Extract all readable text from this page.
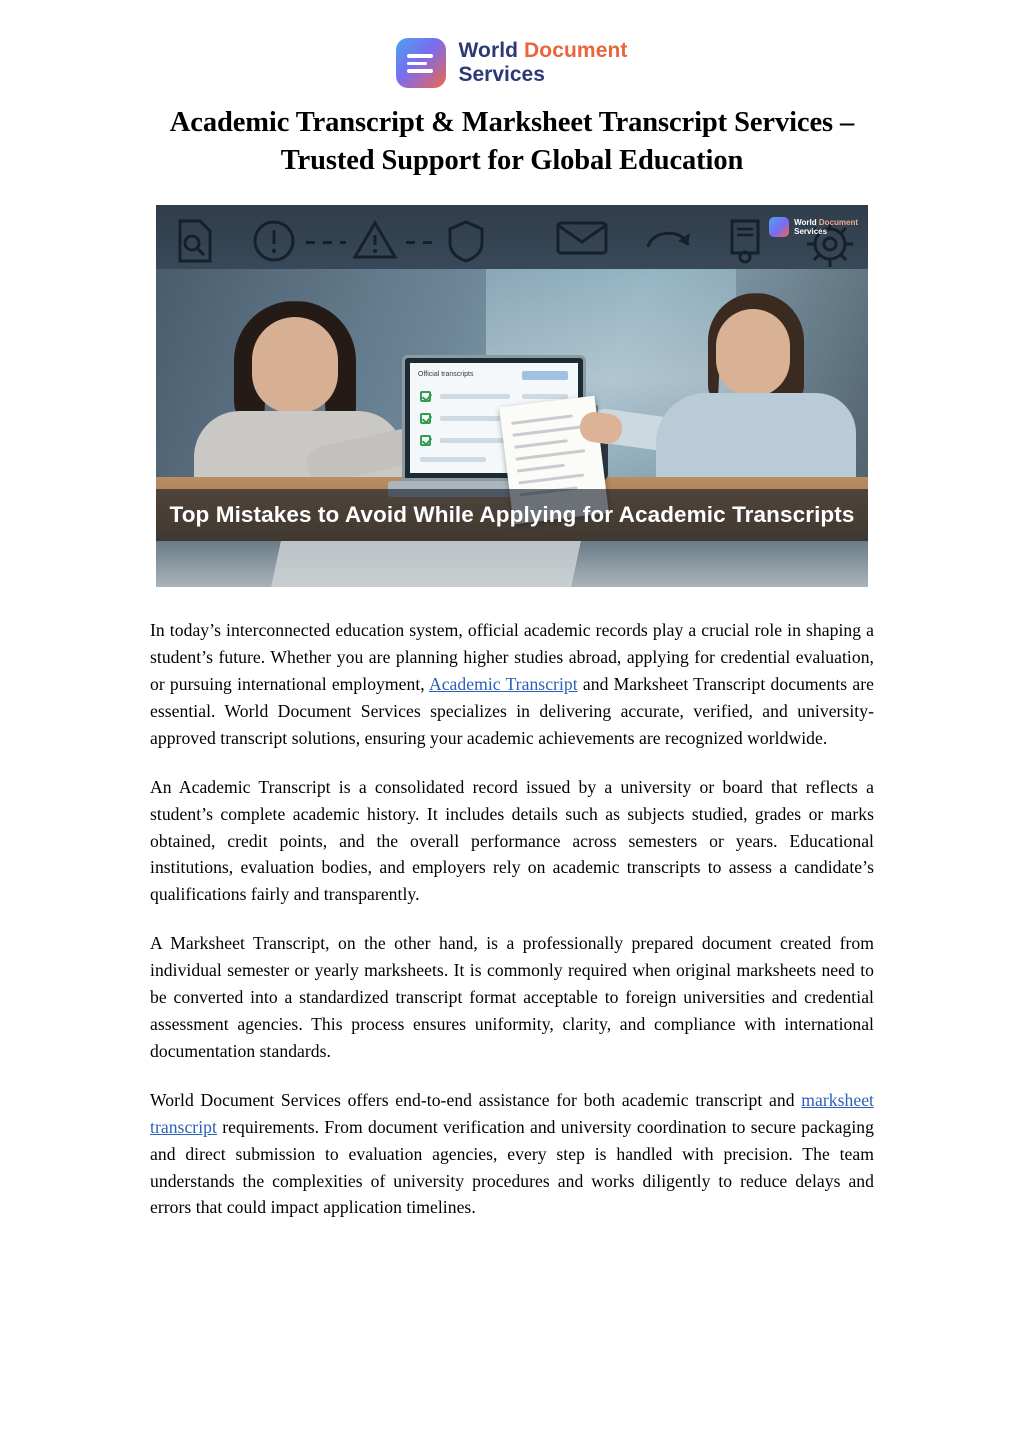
World Document
Services
Academic Transcript & Marksheet Transcript Services – Trusted Support for Global Education
World Document
Services
Official transcripts
Top Mistakes to Avoid While Applying for Academic Transcripts

In today’s interconnected education system, official academic records play a crucial role in shaping a student’s future. Whether you are planning higher studies abroad, applying for credential evaluation, or pursuing international employment, Academic Transcript and Marksheet Transcript documents are essential. World Document Services specializes in delivering accurate, verified, and university-approved transcript solutions, ensuring your academic achievements are recognized worldwide.

An Academic Transcript is a consolidated record issued by a university or board that reflects a student’s complete academic history. It includes details such as subjects studied, grades or marks obtained, credit points, and the overall performance across semesters or years. Educational institutions, evaluation bodies, and employers rely on academic transcripts to assess a candidate’s qualifications fairly and transparently.

A Marksheet Transcript, on the other hand, is a professionally prepared document created from individual semester or yearly marksheets. It is commonly required when original marksheets need to be converted into a standardized transcript format acceptable to foreign universities and credential assessment agencies. This process ensures uniformity, clarity, and compliance with international documentation standards.

World Document Services offers end-to-end assistance for both academic transcript and marksheet transcript requirements. From document verification and university coordination to secure packaging and direct submission to evaluation agencies, every step is handled with precision. The team understands the complexities of university procedures and works diligently to reduce delays and errors that could impact application timelines.
